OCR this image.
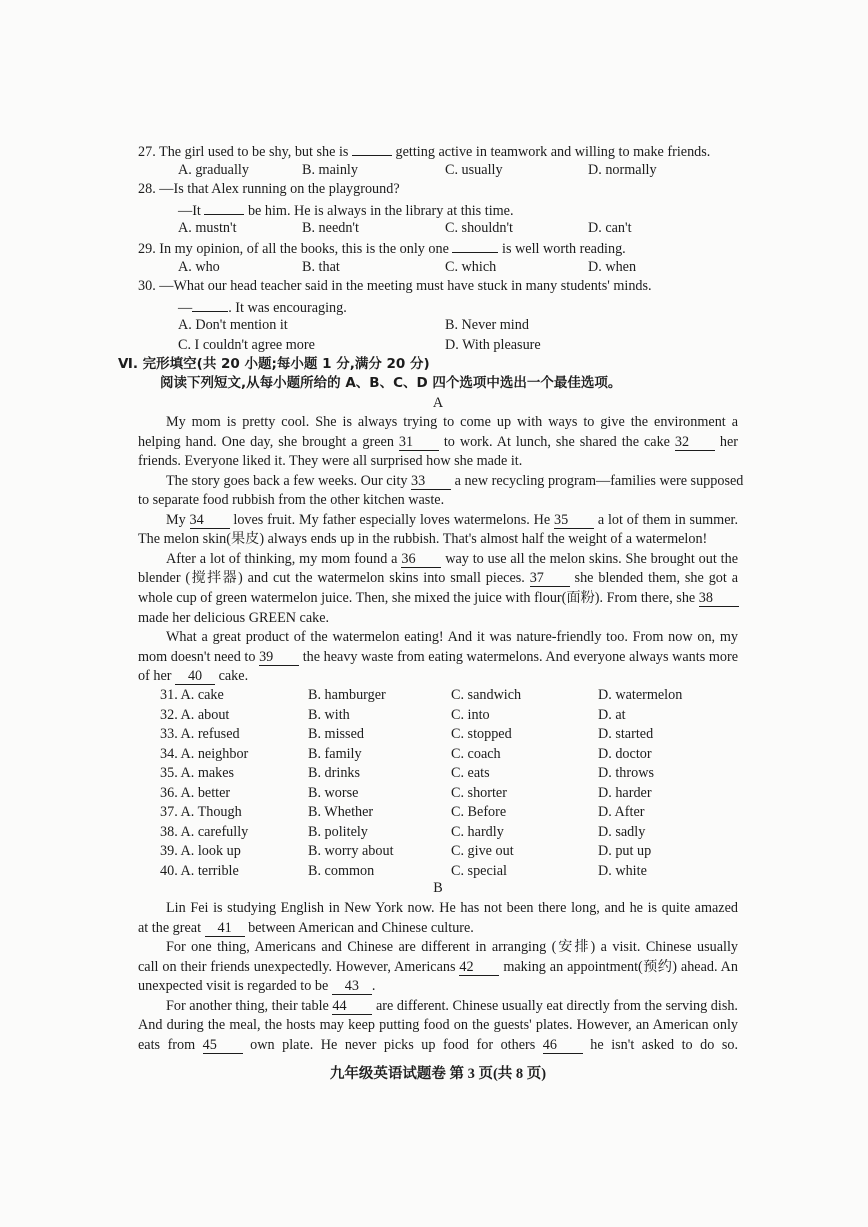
27. The girl used to be shy, but she is	getting active in teamwork and willing to make friends.
A. gradually	B. mainly	C. usually	D. normally
28. —Is that Alex running on the playground?
—It	be him. He is always in the library at this time.
A. mustn't	B. needn't	C. shouldn't	D. can't
29. In my opinion, of all the books, this is the only one	is well worth reading.
A. who	B. that	C. which	D. when
30. —What our head teacher said in the meeting must have stuck in many students' minds.
—	. It was encouraging.
A. Don't mention it	B. Never mind
C. I couldn't agree more	D. With pleasure
Ⅵ. 完形填空(共 20 小题;每小题 1 分,满分 20 分)
阅读下列短文,从每小题所给的 A、B、C、D 四个选项中选出一个最佳选项。
A
My mom is pretty cool. She is always trying to come up with ways to give the environment a
helping hand. One day, she brought a green 31 to work. At lunch, she shared the cake 32 her
friends. Everyone liked it. They were all surprised how she made it.
The story goes back a few weeks. Our city 33 a new recycling program—families were supposed
to separate food rubbish from the other kitchen waste.
My 34 loves fruit. My father especially loves watermelons. He 35 a lot of them in summer.
The melon skin(果皮) always ends up in the rubbish. That's almost half the weight of a watermelon!
After a lot of thinking, my mom found a 36 way to use all the melon skins. She brought out the
blender (搅拌器) and cut the watermelon skins into small pieces. 37 she blended them, she got a
whole cup of green watermelon juice. Then, she mixed the juice with flour(面粉). From there, she 38
made her delicious GREEN cake.
What a great product of the watermelon eating! And it was nature-friendly too. From now on, my
mom doesn't need to 39 the heavy waste from eating watermelons. And everyone always wants more
of her 40 cake.
31. A. cake	B. hamburger	C. sandwich	D. watermelon
32. A. about	B. with	C. into	D. at
33. A. refused	B. missed	C. stopped	D. started
34. A. neighbor	B. family	C. coach	D. doctor
35. A. makes	B. drinks	C. eats	D. throws
36. A. better	B. worse	C. shorter	D. harder
37. A. Though	B. Whether	C. Before	D. After
38. A. carefully	B. politely	C. hardly	D. sadly
39. A. look up	B. worry about	C. give out	D. put up
40. A. terrible	B. common	C. special	D. white
B
Lin Fei is studying English in New York now. He has not been there long, and he is quite amazed
at the great 41 between American and Chinese culture.
For one thing, Americans and Chinese are different in arranging (安排) a visit. Chinese usually
call on their friends unexpectedly. However, Americans 42 making an appointment(预约) ahead. An
unexpected visit is regarded to be 43 .
For another thing, their table 44 are different. Chinese usually eat directly from the serving dish.
And during the meal, the hosts may keep putting food on the guests' plates. However, an American only
eats from 45 own plate. He never picks up food for others 46 he isn't asked to do so.
九年级英语试题卷 第 3 页(共 8 页)
